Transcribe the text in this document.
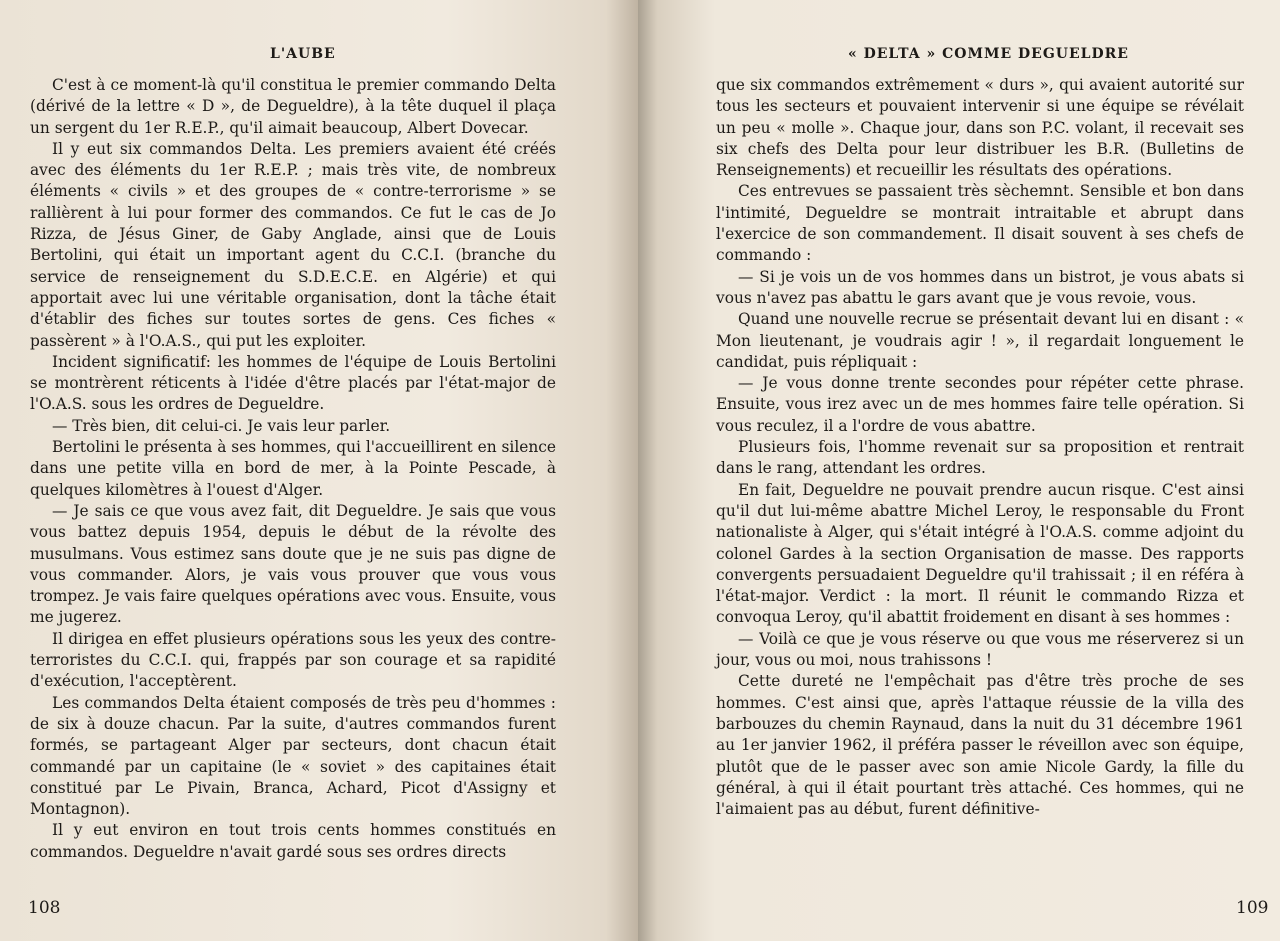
L'AUBE

C'est à ce moment-là qu'il constitua le premier commando Delta (dérivé de la lettre « D », de Degueldre), à la tête duquel il plaça un sergent du 1er R.E.P., qu'il aimait beaucoup, Albert Dovecar.

Il y eut six commandos Delta. Les premiers avaient été créés avec des éléments du 1er R.E.P. ; mais très vite, de nombreux éléments « civils » et des groupes de « contre-terrorisme » se rallièrent à lui pour former des commandos. Ce fut le cas de Jo Rizza, de Jésus Giner, de Gaby Anglade, ainsi que de Louis Bertolini, qui était un important agent du C.C.I. (branche du service de renseignement du S.D.E.C.E. en Algérie) et qui apportait avec lui une véritable organisation, dont la tâche était d'établir des fiches sur toutes sortes de gens. Ces fiches « passèrent » à l'O.A.S., qui put les exploiter.

Incident significatif: les hommes de l'équipe de Louis Bertolini se montrèrent réticents à l'idée d'être placés par l'état-major de l'O.A.S. sous les ordres de Degueldre.

— Très bien, dit celui-ci. Je vais leur parler.

Bertolini le présenta à ses hommes, qui l'accueillirent en silence dans une petite villa en bord de mer, à la Pointe Pescade, à quelques kilomètres à l'ouest d'Alger.

— Je sais ce que vous avez fait, dit Degueldre. Je sais que vous vous battez depuis 1954, depuis le début de la révolte des musulmans. Vous estimez sans doute que je ne suis pas digne de vous commander. Alors, je vais vous prouver que vous vous trompez. Je vais faire quelques opérations avec vous. Ensuite, vous me jugerez.

Il dirigea en effet plusieurs opérations sous les yeux des contre-terroristes du C.C.I. qui, frappés par son courage et sa rapidité d'exécution, l'acceptèrent.

Les commandos Delta étaient composés de très peu d'hommes : de six à douze chacun. Par la suite, d'autres commandos furent formés, se partageant Alger par secteurs, dont chacun était commandé par un capitaine (le « soviet » des capitaines était constitué par Le Pivain, Branca, Achard, Picot d'Assigny et Montagnon).

Il y eut environ en tout trois cents hommes constitués en commandos. Degueldre n'avait gardé sous ses ordres directs

108
« DELTA » COMME DEGUELDRE

que six commandos extrêmement « durs », qui avaient autorité sur tous les secteurs et pouvaient intervenir si une équipe se révélait un peu « molle ». Chaque jour, dans son P.C. volant, il recevait ses six chefs des Delta pour leur distribuer les B.R. (Bulletins de Renseignements) et recueillir les résultats des opérations.

Ces entrevues se passaient très sèchemnt. Sensible et bon dans l'intimité, Degueldre se montrait intraitable et abrupt dans l'exercice de son commandement. Il disait souvent à ses chefs de commando :

— Si je vois un de vos hommes dans un bistrot, je vous abats si vous n'avez pas abattu le gars avant que je vous revoie, vous.

Quand une nouvelle recrue se présentait devant lui en disant : « Mon lieutenant, je voudrais agir ! », il regardait longuement le candidat, puis répliquait :

— Je vous donne trente secondes pour répéter cette phrase. Ensuite, vous irez avec un de mes hommes faire telle opération. Si vous reculez, il a l'ordre de vous abattre.

Plusieurs fois, l'homme revenait sur sa proposition et rentrait dans le rang, attendant les ordres.

En fait, Degueldre ne pouvait prendre aucun risque. C'est ainsi qu'il dut lui-même abattre Michel Leroy, le responsable du Front nationaliste à Alger, qui s'était intégré à l'O.A.S. comme adjoint du colonel Gardes à la section Organisation de masse. Des rapports convergents persuadaient Degueldre qu'il trahissait ; il en référa à l'état-major. Verdict : la mort. Il réunit le commando Rizza et convoqua Leroy, qu'il abattit froidement en disant à ses hommes :

— Voilà ce que je vous réserve ou que vous me réserverez si un jour, vous ou moi, nous trahissons !

Cette dureté ne l'empêchait pas d'être très proche de ses hommes. C'est ainsi que, après l'attaque réussie de la villa des barbouzes du chemin Raynaud, dans la nuit du 31 décembre 1961 au 1er janvier 1962, il préféra passer le réveillon avec son équipe, plutôt que de le passer avec son amie Nicole Gardy, la fille du général, à qui il était pourtant très attaché. Ces hommes, qui ne l'aimaient pas au début, furent définitive-

109
